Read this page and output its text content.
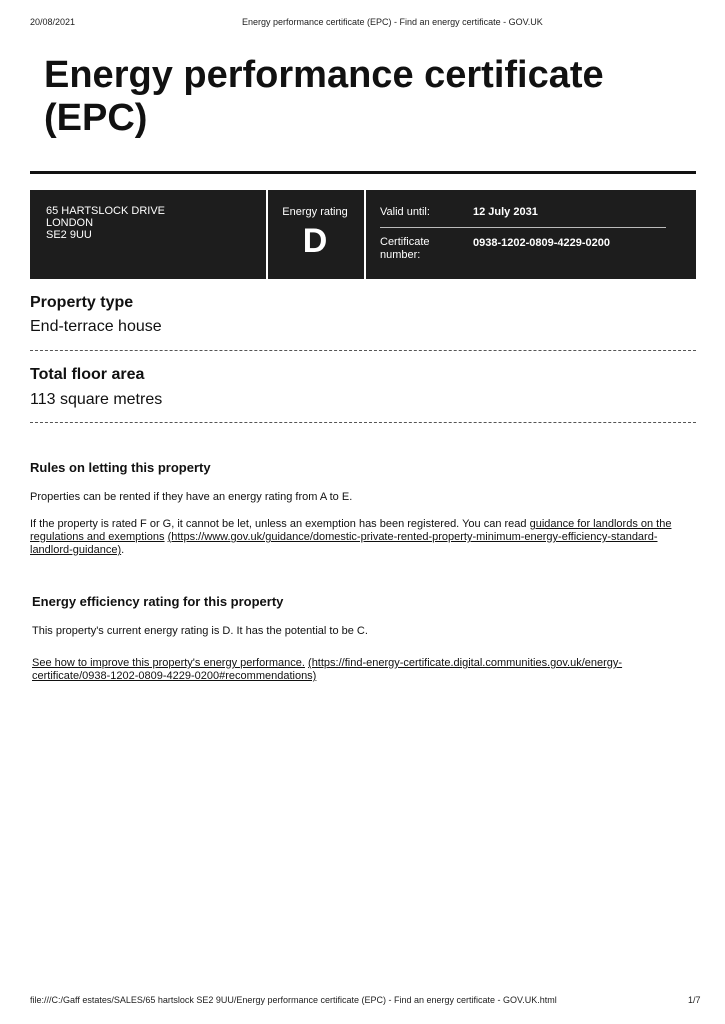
20/08/2021	Energy performance certificate (EPC) - Find an energy certificate - GOV.UK
Energy performance certificate (EPC)
65 HARTSLOCK DRIVE
LONDON
SE2 9UU
Energy rating
D
Valid until:	12 July 2031
Certificate number:
0938-1202-0809-4229-0200
Property type
End-terrace house
Total floor area
113 square metres
Rules on letting this property
Properties can be rented if they have an energy rating from A to E.
If the property is rated F or G, it cannot be let, unless an exemption has been registered. You can read guidance for landlords on the regulations and exemptions (https://www.gov.uk/guidance/domestic-private-rented-property-minimum-energy-efficiency-standard-landlord-guidance).
Energy efficiency rating for this property
This property's current energy rating is D. It has the potential to be C.
See how to improve this property's energy performance. (https://find-energy-certificate.digital.communities.gov.uk/energy-certificate/0938-1202-0809-4229-0200#recommendations)
file:///C:/Gaff estates/SALES/65 hartslock SE2 9UU/Energy performance certificate (EPC) - Find an energy certificate - GOV.UK.html	1/7
